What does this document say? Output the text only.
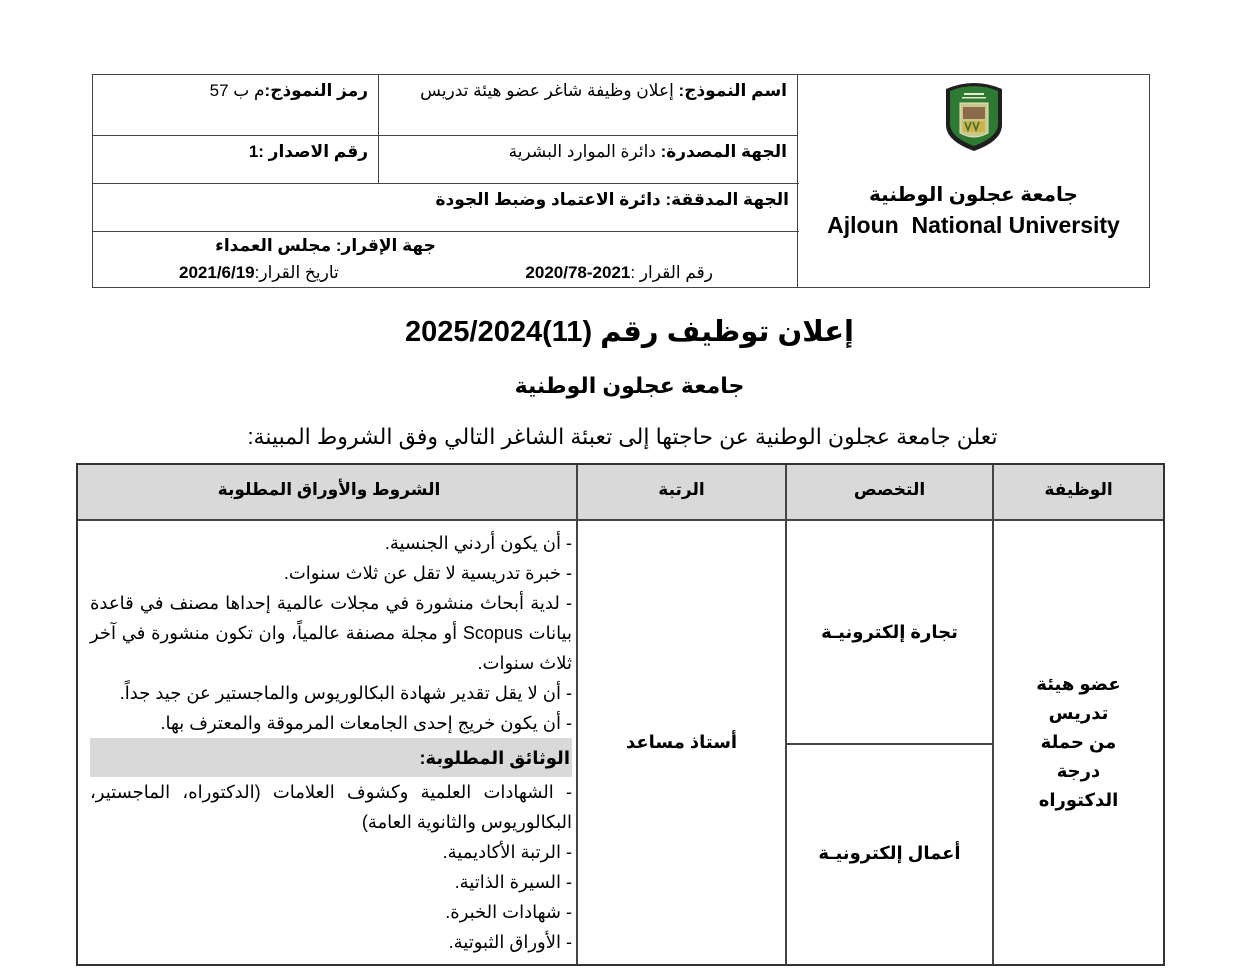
جامعة عجلون الوطنية
Ajloun  National University
اسم النموذج: إعلان وظيفة شاغر عضو هيئة تدريس
رمز النموذج:م ب 57
الجهة المصدرة: دائرة الموارد البشرية
رقم الاصدار :1
الجهة المدققة: دائرة الاعتماد وضبط الجودة
جهة الإقرار: مجلس العمداء
رقم القرار :2021-2020/78
تاريخ القرار:2021/6/19
إعلان توظيف رقم (11)2025/2024
جامعة عجلون الوطنية
تعلن جامعة عجلون الوطنية عن حاجتها إلى تعبئة الشاغر التالي وفق الشروط المبينة:
الوظيفة
التخصص
الرتبة
الشروط والأوراق المطلوبة
عضو هيئة
تدريس
من حملة درجة
الدكتوراه
تجارة إلكترونيـة
أعمال إلكترونيـة
أستاذ مساعد
- أن يكون أردني الجنسية.
- خبرة تدريسية لا تقل عن ثلاث سنوات.
- لدية أبحاث منشورة في مجلات عالمية إحداها مصنف في قاعدة بيانات Scopus أو مجلة مصنفة عالمياً، وان تكون منشورة في آخر ثلاث سنوات.
- أن لا يقل تقدير شهادة البكالوريوس والماجستير عن جيد جداً.
- أن يكون خريج إحدى الجامعات المرموقة والمعترف بها.
الوثائق المطلوبة:
- الشهادات العلمية وكشوف العلامات (الدكتوراه، الماجستير، البكالوريوس والثانوية العامة)
- الرتبة الأكاديمية.
- السيرة الذاتية.
- شهادات الخبرة.
- الأوراق الثبوتية.
